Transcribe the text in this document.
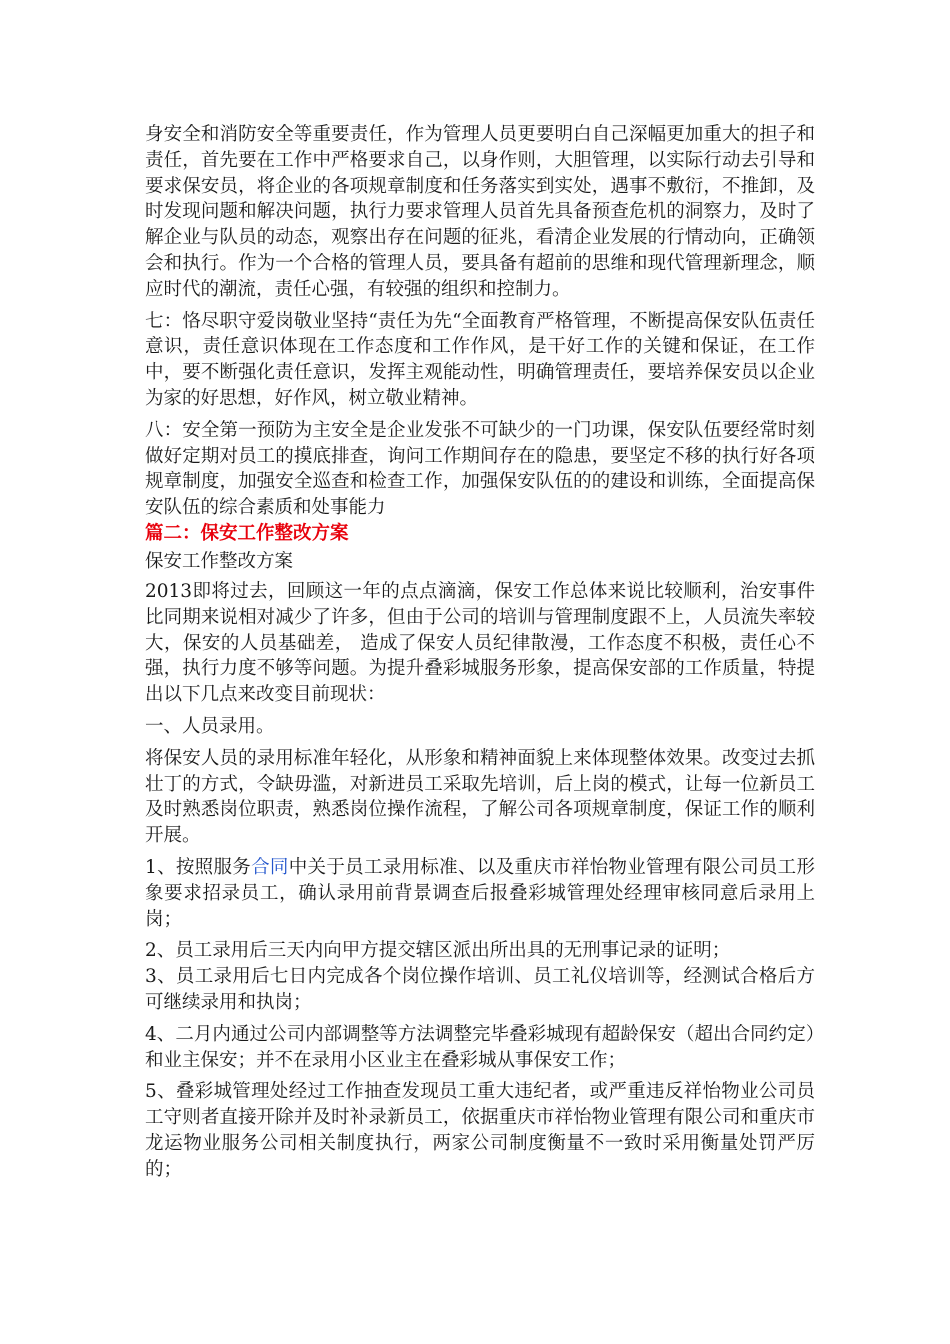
身安全和消防安全等重要责任，作为管理人员更要明白自己深幅更加重大的担子和责任，首先要在工作中严格要求自己，以身作则，大胆管理，以实际行动去引导和要求保安员，将企业的各项规章制度和任务落实到实处，遇事不敷衍，不推卸，及时发现问题和解决问题，执行力要求管理人员首先具备预查危机的洞察力，及时了解企业与队员的动态，观察出存在问题的征兆，看清企业发展的行情动向，正确领会和执行。作为一个合格的管理人员，要具备有超前的思维和现代管理新理念，顺应时代的潮流，责任心强，有较强的组织和控制力。

七：恪尽职守爱岗敬业坚持“责任为先“全面教育严格管理，不断提高保安队伍责任意识，责任意识体现在工作态度和工作作风，是干好工作的关键和保证，在工作中，要不断强化责任意识，发挥主观能动性，明确管理责任，要培养保安员以企业为家的好思想，好作风，树立敬业精神。

八：安全第一预防为主安全是企业发张不可缺少的一门功课，保安队伍要经常时刻做好定期对员工的摸底排查，询问工作期间存在的隐患，要坚定不移的执行好各项规章制度，加强安全巡查和检查工作，加强保安队伍的的建设和训练，全面提高保安队伍的综合素质和处事能力

篇二：保安工作整改方案

保安工作整改方案

2013即将过去，回顾这一年的点点滴滴，保安工作总体来说比较顺利，治安事件比同期来说相对减少了许多，但由于公司的培训与管理制度跟不上，人员流失率较大，保安的人员基础差， 造成了保安人员纪律散漫，工作态度不积极，责任心不强，执行力度不够等问题。为提升叠彩城服务形象，提高保安部的工作质量，特提出以下几点来改变目前现状：

一、人员录用。

将保安人员的录用标准年轻化，从形象和精神面貌上来体现整体效果。改变过去抓壮丁的方式，令缺毋滥，对新进员工采取先培训，后上岗的模式，让每一位新员工及时熟悉岗位职责，熟悉岗位操作流程，了解公司各项规章制度，保证工作的顺利开展。

1、按照服务合同中关于员工录用标准、以及重庆市祥怡物业管理有限公司员工形象要求招录员工，确认录用前背景调查后报叠彩城管理处经理审核同意后录用上岗；

2、员工录用后三天内向甲方提交辖区派出所出具的无刑事记录的证明；

3、员工录用后七日内完成各个岗位操作培训、员工礼仪培训等，经测试合格后方可继续录用和执岗；

4、二月内通过公司内部调整等方法调整完毕叠彩城现有超龄保安（超出合同约定）和业主保安；并不在录用小区业主在叠彩城从事保安工作；

5、叠彩城管理处经过工作抽查发现员工重大违纪者，或严重违反祥怡物业公司员工守则者直接开除并及时补录新员工，依据重庆市祥怡物业管理有限公司和重庆市龙运物业服务公司相关制度执行，两家公司制度衡量不一致时采用衡量处罚严厉的；
